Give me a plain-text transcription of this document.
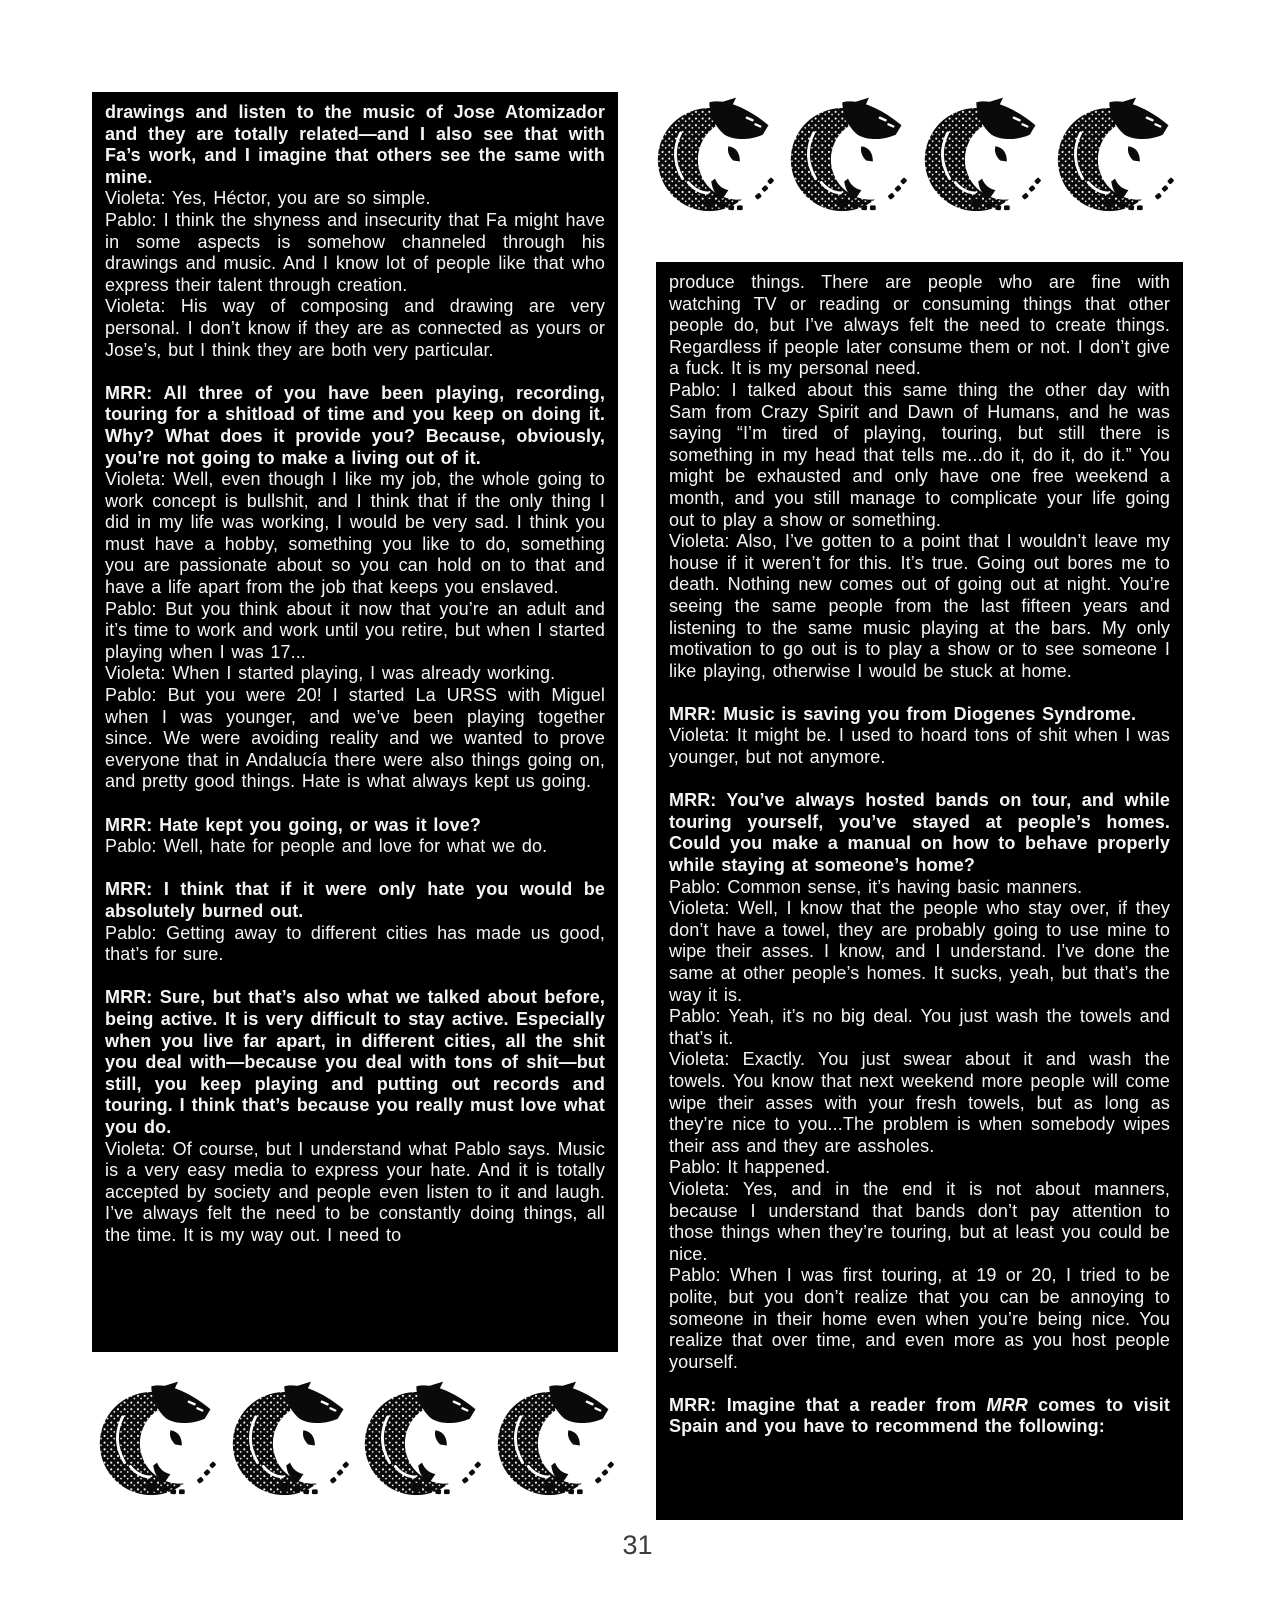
drawings and listen to the music of Jose Atomizador and they are totally related—and I also see that with Fa’s work, and I imagine that others see the same with mine.

Violeta: Yes, Héctor, you are so simple.

Pablo: I think the shyness and insecurity that Fa might have in some aspects is somehow channeled through his drawings and music. And I know lot of people like that who express their talent through creation.

Violeta: His way of composing and drawing are very personal. I don’t know if they are as connected as yours or Jose’s, but I think they are both very particular.

MRR: All three of you have been playing, recording, touring for a shitload of time and you keep on doing it. Why? What does it provide you? Because, obviously, you’re not going to make a living out of it.

Violeta: Well, even though I like my job, the whole going to work concept is bullshit, and I think that if the only thing I did in my life was working, I would be very sad. I think you must have a hobby, something you like to do, something you are passionate about so you can hold on to that and have a life apart from the job that keeps you enslaved.

Pablo: But you think about it now that you’re an adult and it’s time to work and work until you retire, but when I started playing when I was 17...

Violeta: When I started playing, I was already working.

Pablo: But you were 20! I started La URSS with Miguel when I was younger, and we’ve been playing together since. We were avoiding reality and we wanted to prove everyone that in Andalucía there were also things going on, and pretty good things. Hate is what always kept us going.

MRR: Hate kept you going, or was it love?

Pablo: Well, hate for people and love for what we do.

MRR: I think that if it were only hate you would be absolutely burned out.

Pablo: Getting away to different cities has made us good, that’s for sure.

MRR: Sure, but that’s also what we talked about before, being active. It is very difficult to stay active. Especially when you live far apart, in different cities, all the shit you deal with—because you deal with tons of shit—but still, you keep playing and putting out records and touring. I think that’s because you really must love what you do.

Violeta: Of course, but I understand what Pablo says. Music is a very easy media to express your hate. And it is totally accepted by society and people even listen to it and laugh. I’ve always felt the need to be constantly doing things, all the time. It is my way out. I need to

produce things. There are people who are fine with watching TV or reading or consuming things that other people do, but I’ve always felt the need to create things. Regardless if people later consume them or not. I don’t give a fuck. It is my personal need.

Pablo: I talked about this same thing the other day with Sam from Crazy Spirit and Dawn of Humans, and he was saying “I’m tired of playing, touring, but still there is something in my head that tells me...do it, do it, do it.” You might be exhausted and only have one free weekend a month, and you still manage to complicate your life going out to play a show or something.

Violeta: Also, I’ve gotten to a point that I wouldn’t leave my house if it weren’t for this. It’s true. Going out bores me to death. Nothing new comes out of going out at night. You’re seeing the same people from the last fifteen years and listening to the same music playing at the bars. My only motivation to go out is to play a show or to see someone I like playing, otherwise I would be stuck at home.

MRR: Music is saving you from Diogenes Syndrome.

Violeta: It might be. I used to hoard tons of shit when I was younger, but not anymore.

MRR: You’ve always hosted bands on tour, and while touring yourself, you’ve stayed at people’s homes. Could you make a manual on how to behave properly while staying at someone’s home?

Pablo: Common sense, it’s having basic manners.

Violeta: Well, I know that the people who stay over, if they don’t have a towel, they are probably going to use mine to wipe their asses. I know, and I understand. I’ve done the same at other people’s homes. It sucks, yeah, but that’s the way it is.

Pablo: Yeah, it’s no big deal. You just wash the towels and that’s it.

Violeta: Exactly. You just swear about it and wash the towels. You know that next weekend more people will come wipe their asses with your fresh towels, but as long as they’re nice to you...The problem is when somebody wipes their ass and they are assholes.

Pablo: It happened.

Violeta: Yes, and in the end it is not about manners, because I understand that bands don’t pay attention to those things when they’re touring, but at least you could be nice.

Pablo: When I was first touring, at 19 or 20, I tried to be polite, but you don’t realize that you can be annoying to someone in their home even when you’re being nice. You realize that over time, and even more as you host people yourself.

MRR: Imagine that a reader from MRR comes to visit Spain and you have to recommend the following:

31
